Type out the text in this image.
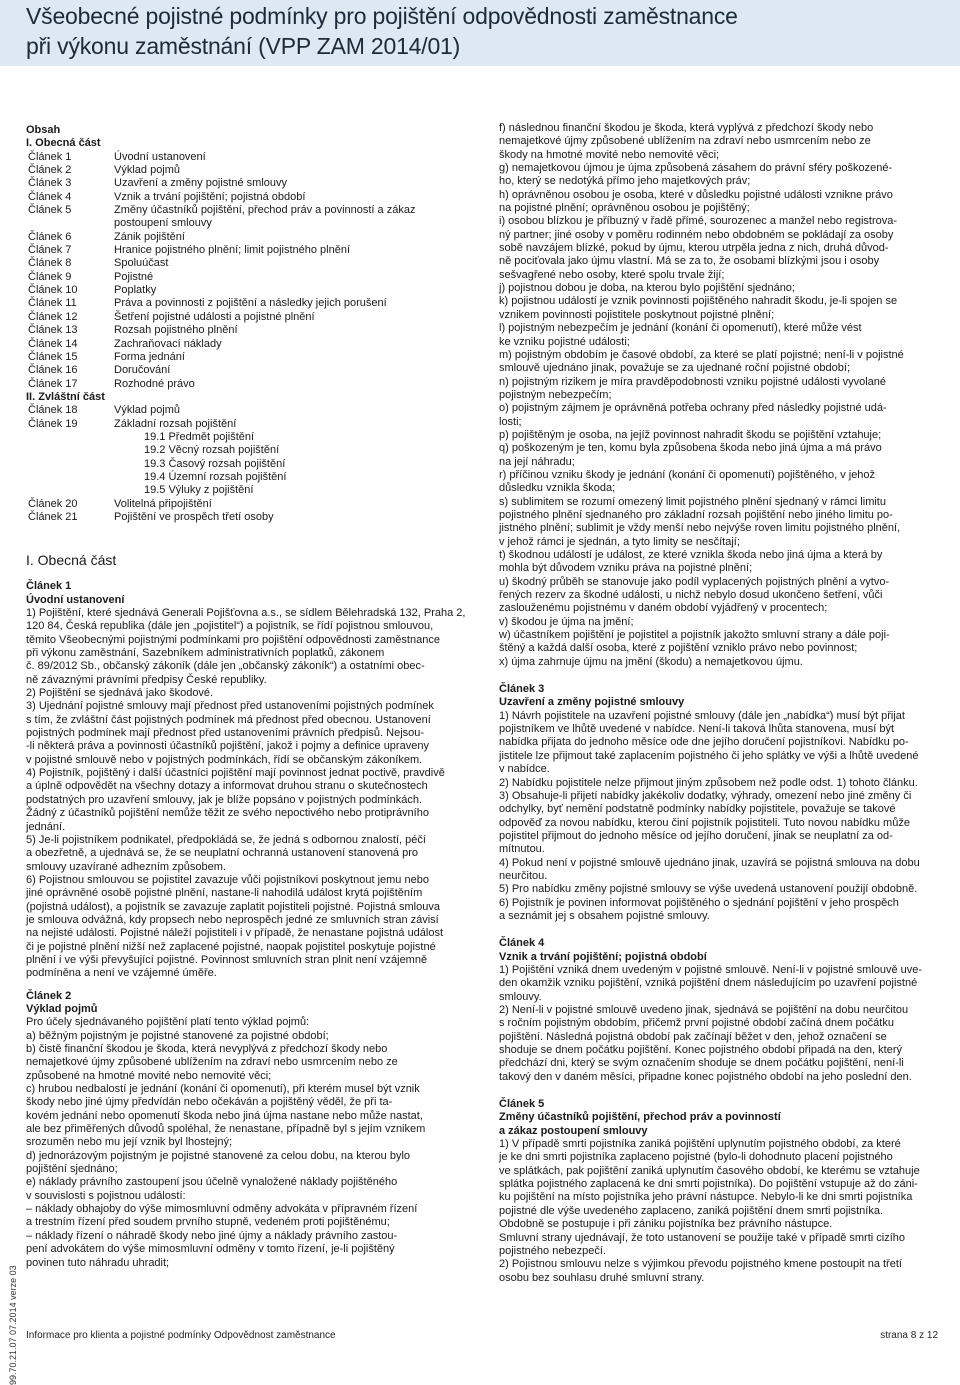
Všeobecné pojistné podmínky pro pojištění odpovědnosti zaměstnance
při výkonu zaměstnání (VPP ZAM 2014/01)
99.70.21.07 07.2014 verze 03
Obsah
I. Obecná část
Článek 1	Úvodní ustanovení
Článek 2	Výklad pojmů
Článek 3	Uzavření a změny pojistné smlouvy
Článek 4	Vznik a trvání pojištění; pojistná období
Článek 5	Změny účastníků pojištění, přechod práv a povinností a zákaz
postoupení smlouvy
Článek 6	Zánik pojištění
Článek 7	Hranice pojistného plnění; limit pojistného plnění
Článek 8	Spoluúčast
Článek 9	Pojistné
Článek 10	Poplatky
Článek 11	Práva a povinnosti z pojištění a následky jejich porušení
Článek 12	Šetření pojistné události a pojistné plnění
Článek 13	Rozsah pojistného plnění
Článek 14	Zachraňovací náklady
Článek 15	Forma jednání
Článek 16	Doručování
Článek 17	Rozhodné právo
II. Zvláštní část
Článek 18	Výklad pojmů
Článek 19	Základní rozsah pojištění
19.1 Předmět pojištění
19.2 Věcný rozsah pojištění
19.3 Časový rozsah pojištění
19.4 Územní rozsah pojištění
19.5 Výluky z pojištění
Článek 20	Volitelná připojištění
Článek 21	Pojištění ve prospěch třetí osoby
I. Obecná část
Článek 1
Úvodní ustanovení
1) Pojištění, které sjednává Generali Pojišťovna a.s., se sídlem Bělehradská 132, Praha 2,
120 84, Česká republika (dále jen „pojistitel“) a pojistník, se řídí pojistnou smlouvou,
těmito Všeobecnými pojistnými podmínkami pro pojištění odpovědnosti zaměstnance
při výkonu zaměstnání, Sazebníkem administrativních poplatků, zákonem
č. 89/2012 Sb., občanský zákoník (dále jen „občanský zákoník“) a ostatními obec-
ně závaznými právními předpisy České republiky.
2) Pojištění se sjednává jako škodové.
3) Ujednání pojistné smlouvy mají přednost před ustanoveními pojistných podmínek
s tím, že zvláštní část pojistných podmínek má přednost před obecnou. Ustanovení
pojistných podmínek mají přednost před ustanoveními právních předpisů. Nejsou-
-li některá práva a povinnosti účastníků pojištění, jakož i pojmy a definice upraveny
v pojistné smlouvě nebo v pojistných podmínkách, řídí se občanským zákoníkem.
4) Pojistník, pojištěný i další účastníci pojištění mají povinnost jednat poctivě, pravdivě
a úplně odpovědět na všechny dotazy a informovat druhou stranu o skutečnostech
podstatných pro uzavření smlouvy, jak je blíže popsáno v pojistných podmínkách.
Žádný z účastníků pojištění nemůže těžit ze svého nepoctivého nebo protiprávního
jednání.
5) Je-li pojistníkem podnikatel, předpokládá se, že jedná s odbornou znalostí, péčí
a obezřetně, a ujednává se, že se neuplatní ochranná ustanovení stanovená pro
smlouvy uzavírané adhezním způsobem.
6) Pojistnou smlouvou se pojistitel zavazuje vůči pojistníkovi poskytnout jemu nebo
jiné oprávněné osobě pojistné plnění, nastane-li nahodilá událost krytá pojištěním
(pojistná událost), a pojistník se zavazuje zaplatit pojistiteli pojistné. Pojistná smlouva
je smlouva odvážná, kdy propsech nebo neprospěch jedné ze smluvních stran závisí
na nejisté události. Pojistné náleží pojistiteli i v případě, že nenastane pojistná událost
či je pojistné plnění nižší než zaplacené pojistné, naopak pojistitel poskytuje pojistné
plnění i ve výši převyšující pojistné. Povinnost smluvních stran plnit není vzájemně
podmíněna a není ve vzájemné úměře.
Článek 2
Výklad pojmů
Pro účely sjednávaného pojištění platí tento výklad pojmů:
a) běžným pojistným je pojistné stanovené za pojistné období;
b) čistě finanční škodou je škoda, která nevyplývá z předchozí škody nebo
nemajetkové újmy způsobené ublížením na zdraví nebo usmrcením nebo ze
způsobené na hmotné movité nebo nemovité věci;
c) hrubou nedbalostí je jednání (konání či opomenutí), při kterém musel být vznik
škody nebo jiné újmy předvídán nebo očekáván a pojištěný věděl, že při ta-
kovém jednání nebo opomenutí škoda nebo jiná újma nastane nebo může nastat,
ale bez přiměřených důvodů spoléhal, že nenastane, případně byl s jejím vznikem
srozuměn nebo mu její vznik byl lhostejný;
d) jednorázovým pojistným je pojistné stanovené za celou dobu, na kterou bylo
pojištění sjednáno;
e) náklady právního zastoupení jsou účelně vynaložené náklady pojištěného
v souvislosti s pojistnou událostí:
– náklady obhajoby do výše mimosmluvní odměny advokáta v přípravném řízení
a trestním řízení před soudem prvního stupně, vedeném proti pojištěnému;
– náklady řízení o náhradě škody nebo jiné újmy a náklady právního zastou-
pení advokátem do výše mimosmluvní odměny v tomto řízení, je-li pojištěný
povinen tuto náhradu uhradit;
f) následnou finanční škodou je škoda, která vyplývá z předchozí škody nebo
nemajetkové újmy způsobené ublížením na zdraví nebo usmrcením nebo ze
škody na hmotné movité nebo nemovité věci;
g) nemajetkovou újmou je újma způsobená zásahem do právní sféry poškozené-
ho, který se nedotýká přímo jeho majetkových práv;
h) oprávněnou osobou je osoba, které v důsledku pojistné události vznikne právo
na pojistné plnění; oprávněnou osobou je pojištěný;
i) osobou blízkou je příbuzný v řadě přímé, sourozenec a manžel nebo registrova-
ný partner; jiné osoby v poměru rodinném nebo obdobném se pokládají za osoby
sobě navzájem blízké, pokud by újmu, kterou utrpěla jedna z nich, druhá důvod-
ně pociťovala jako újmu vlastní. Má se za to, že osobami blízkými jsou i osoby
sešvagřené nebo osoby, které spolu trvale žijí;
j) pojistnou dobou je doba, na kterou bylo pojištění sjednáno;
k) pojistnou událostí je vznik povinnosti pojištěného nahradit škodu, je-li spojen se
vznikem povinnosti pojistitele poskytnout pojistné plnění;
l) pojistným nebezpečím je jednání (konání či opomenutí), které může vést
ke vzniku pojistné události;
m) pojistným obdobím je časové období, za které se platí pojistné; není-li v pojistné
smlouvě ujednáno jinak, považuje se za ujednané roční pojistné období;
n) pojistným rizikem je míra pravděpodobnosti vzniku pojistné události vyvolané
pojistným nebezpečím;
o) pojistným zájmem je oprávněná potřeba ochrany před následky pojistné udá-
losti;
p) pojištěným je osoba, na jejíž povinnost nahradit škodu se pojištění vztahuje;
q) poškozeným je ten, komu byla způsobena škoda nebo jiná újma a má právo
na její náhradu;
r) příčinou vzniku škody je jednání (konání či opomenutí) pojištěného, v jehož
důsledku vznikla škoda;
s) sublimitem se rozumí omezený limit pojistného plnění sjednaný v rámci limitu
pojistného plnění sjednaného pro základní rozsah pojištění nebo jiného limitu po-
jistného plnění; sublimit je vždy menší nebo nejvýše roven limitu pojistného plnění,
v jehož rámci je sjednán, a tyto limity se nesčítají;
t) škodnou událostí je událost, ze které vznikla škoda nebo jiná újma a která by
mohla být důvodem vzniku práva na pojistné plnění;
u) škodný průběh se stanovuje jako podíl vyplacených pojistných plnění a vytvo-
řených rezerv za škodné události, u nichž nebylo dosud ukončeno šetření, vůči
zaslouženému pojistnému v daném období vyjádřený v procentech;
v) škodou je újma na jmění;
w) účastníkem pojištění je pojistitel a pojistník jakožto smluvní strany a dále poji-
štěný a každá další osoba, které z pojištění vzniklo právo nebo povinnost;
x) újma zahrnuje újmu na jmění (škodu) a nemajetkovou újmu.
Článek 3
Uzavření a změny pojistné smlouvy
1) Návrh pojistitele na uzavření pojistné smlouvy (dále jen „nabídka“) musí být přijat
pojistníkem ve lhůtě uvedené v nabídce. Není-li taková lhůta stanovena, musí být
nabídka přijata do jednoho měsíce ode dne jejího doručení pojistníkovi. Nabídku po-
jistitele lze přijmout také zaplacením pojistného či jeho splátky ve výši a lhůtě uvedené
v nabídce.
2) Nabídku pojistitele nelze přijmout jiným způsobem než podle odst. 1) tohoto článku.
3) Obsahuje-li přijetí nabídky jakékoliv dodatky, výhrady, omezení nebo jiné změny či
odchylky, byť nemění podstatně podmínky nabídky pojistitele, považuje se takové
odpověď za novou nabídku, kterou činí pojistník pojistiteli. Tuto novou nabídku může
pojistitel přijmout do jednoho měsíce od jejího doručení, jinak se neuplatní za od-
mítnutou.
4) Pokud není v pojistné smlouvě ujednáno jinak, uzavírá se pojistná smlouva na dobu
neurčitou.
5) Pro nabídku změny pojistné smlouvy se výše uvedená ustanovení použijí obdobně.
6) Pojistník je povinen informovat pojištěného o sjednání pojištění v jeho prospěch
a seznámit jej s obsahem pojistné smlouvy.
Článek 4
Vznik a trvání pojištění; pojistná období
1) Pojištění vzniká dnem uvedeným v pojistné smlouvě. Není-li v pojistné smlouvě uve-
den okamžik vzniku pojištění, vzniká pojištění dnem následujícím po uzavření pojistné
smlouvy.
2) Není-li v pojistné smlouvě uvedeno jinak, sjednává se pojištění na dobu neurčitou
s ročním pojistným obdobím, přičemž první pojistné období začíná dnem počátku
pojištění. Následná pojistná období pak začínají běžet v den, jehož označení se
shoduje se dnem počátku pojištění. Konec pojistného období připadá na den, který
předchází dni, který se svým označením shoduje se dnem počátku pojištění, není-li
takový den v daném měsíci, připadne konec pojistného období na jeho poslední den.
Článek 5
Změny účastníků pojištění, přechod práv a povinností
a zákaz postoupení smlouvy
1) V případě smrti pojistníka zaniká pojištění uplynutím pojistného období, za které
je ke dni smrti pojistníka zaplaceno pojistné (bylo-li dohodnuto placení pojistného
ve splátkách, pak pojištění zaniká uplynutím časového období, ke kterému se vztahuje
splátka pojistného zaplacená ke dni smrti pojistníka). Do pojištění vstupuje až do záni-
ku pojištění na místo pojistníka jeho právní nástupce. Nebylo-li ke dni smrti pojistníka
pojistné dle výše uvedeného zaplaceno, zaniká pojištění dnem smrti pojistníka.
Obdobně se postupuje i při zániku pojistníka bez právního nástupce.
Smluvní strany ujednávají, že toto ustanovení se použije také v případě smrti cizího
pojistného nebezpečí.
2) Pojistnou smlouvu nelze s výjimkou převodu pojistného kmene postoupit na třetí
osobu bez souhlasu druhé smluvní strany.
Informace pro klienta a pojistné podmínky Odpovědnost zaměstnance	strana 8 z 12
